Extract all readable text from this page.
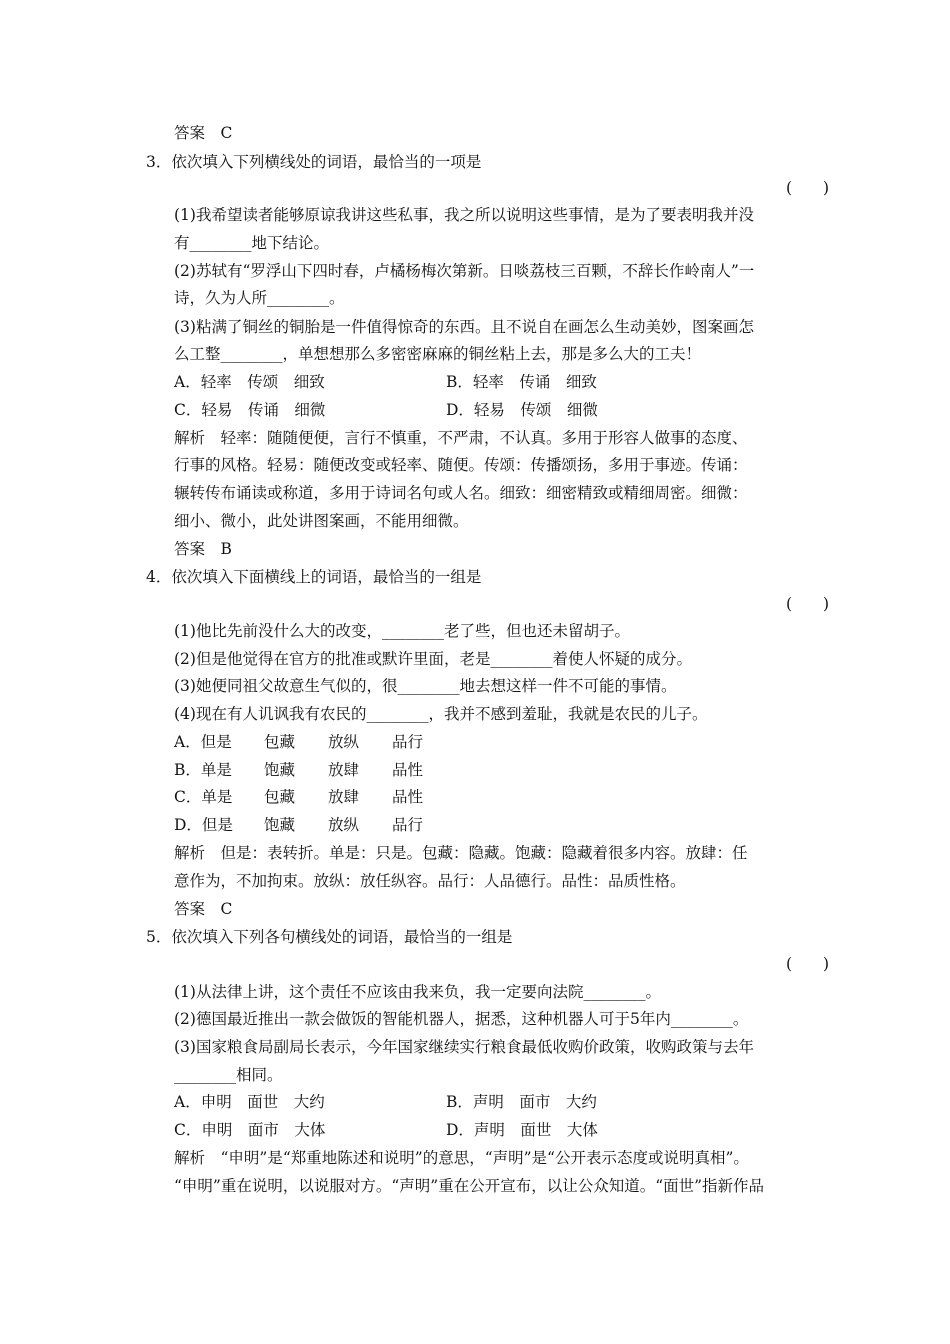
答案　C
3．依次填入下列横线处的词语，最恰当的一项是
(　　)
(1)我希望读者能够原谅我讲这些私事，我之所以说明这些事情，是为了要表明我并没
有________地下结论。
(2)苏轼有“罗浮山下四时春，卢橘杨梅次第新。日啖荔枝三百颗，不辞长作岭南人”一
诗，久为人所________。
(3)粘满了铜丝的铜胎是一件值得惊奇的东西。且不说自在画怎么生动美妙，图案画怎
么工整________，单想想那么多密密麻麻的铜丝粘上去，那是多么大的工夫！
A．轻率　传颂　细致	B．轻率　传诵　细致
C．轻易　传诵　细微	D．轻易　传颂　细微
解析　轻率：随随便便，言行不慎重，不严肃，不认真。多用于形容人做事的态度、
行事的风格。轻易：随便改变或轻率、随便。传颂：传播颂扬，多用于事迹。传诵：
辗转传布诵读或称道，多用于诗词名句或人名。细致：细密精致或精细周密。细微：
细小、微小，此处讲图案画，不能用细微。
答案　B
4．依次填入下面横线上的词语，最恰当的一组是
(　　)
(1)他比先前没什么大的改变，________老了些，但也还未留胡子。
(2)但是他觉得在官方的批准或默许里面，老是________着使人怀疑的成分。
(3)她便同祖父故意生气似的，很________地去想这样一件不可能的事情。
(4)现在有人讥讽我有农民的________，我并不感到羞耻，我就是农民的儿子。
A．但是 包藏 放纵 品行
B．单是 饱藏 放肆 品性
C．单是 包藏 放肆 品性
D．但是 饱藏 放纵 品行
解析　但是：表转折。单是：只是。包藏：隐藏。饱藏：隐藏着很多内容。放肆：任
意作为，不加拘束。放纵：放任纵容。品行：人品德行。品性：品质性格。
答案　C
5．依次填入下列各句横线处的词语，最恰当的一组是
(　　)
(1)从法律上讲，这个责任不应该由我来负，我一定要向法院________。
(2)德国最近推出一款会做饭的智能机器人，据悉，这种机器人可于5年内________。
(3)国家粮食局副局长表示，今年国家继续实行粮食最低收购价政策，收购政策与去年
________相同。
A．申明　面世　大约	B．声明　面市　大约
C．申明　面市　大体	D．声明　面世　大体
解析　“申明”是“郑重地陈述和说明”的意思，“声明”是“公开表示态度或说明真相”。
“申明”重在说明，以说服对方。“声明”重在公开宣布，以让公众知道。“面世”指新作品
